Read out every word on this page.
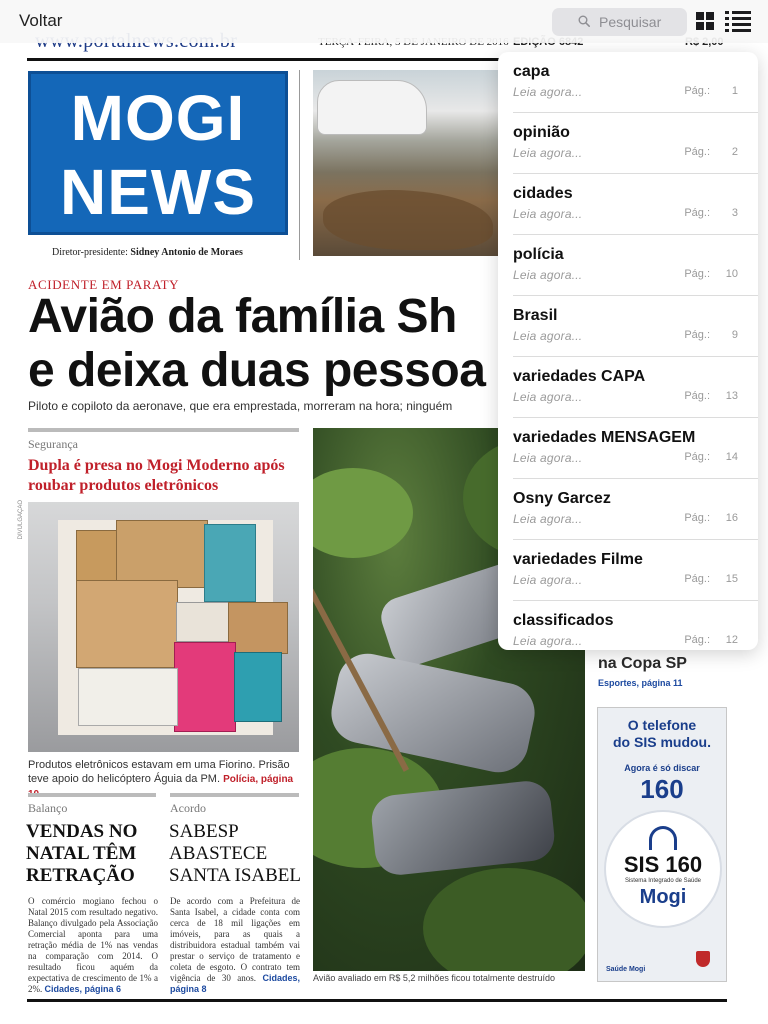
MOGI
NEWS
Diretor-presidente: Sidney Antonio de Moraes
ACIDENTE EM PARATY
Avião da família Sh
e deixa duas pessoa
Piloto e copiloto da aeronave, que era emprestada, morreram na hora; ninguém
Segurança
Dupla é presa no Mogi Moderno após roubar produtos eletrônicos
DIVULGAÇÃO
Produtos eletrônicos estavam em uma Fiorino. Prisão teve apoio do helicóptero Águia da PM. Polícia, página
Balanço
VENDAS NO NATAL TÊM RETRAÇÃO
O comércio mogiano fechou o Natal 2015 com resultado negativo. Balanço divulgado pela Associação Comercial aponta para uma retração média de 1% nas vendas na comparação com 2014. O resultado ficou aquém da expectativa de crescimento de 1% a 2%. Cidades, página 6
Acordo
SABESP ABASTECE SANTA ISABEL
De acordo com a Prefeitura de Santa Isabel, a cidade conta com cerca de 18 mil ligações em imóveis, para as quais a distribuidora estadual também vai prestar o serviço de tratamento e coleta de esgoto. O contrato tem vigência de 30 anos. Cidades, página 8
Avião avaliado em R$ 5,2 milhões ficou totalmente destruído
na Copa SP
Esportes, página 11
O telefone
do SIS mudou.
Agora é só discar
160
SIS 160
Sistema Integrado de Saúde
Mogi
Saúde Mogi
Voltar	Pesquisar
capa
Leia agora...	Pág.: 1
opinião
Leia agora...	Pág.: 2
cidades
Leia agora...	Pág.: 3
polícia
Leia agora...	Pág.: 10
Brasil
Leia agora...	Pág.: 9
variedades CAPA
Leia agora...	Pág.: 13
variedades MENSAGEM
Leia agora...	Pág.: 14
Osny Garcez
Leia agora...	Pág.: 16
variedades Filme
Leia agora...	Pág.: 15
classificados
Leia agora...	Pág.: 12
